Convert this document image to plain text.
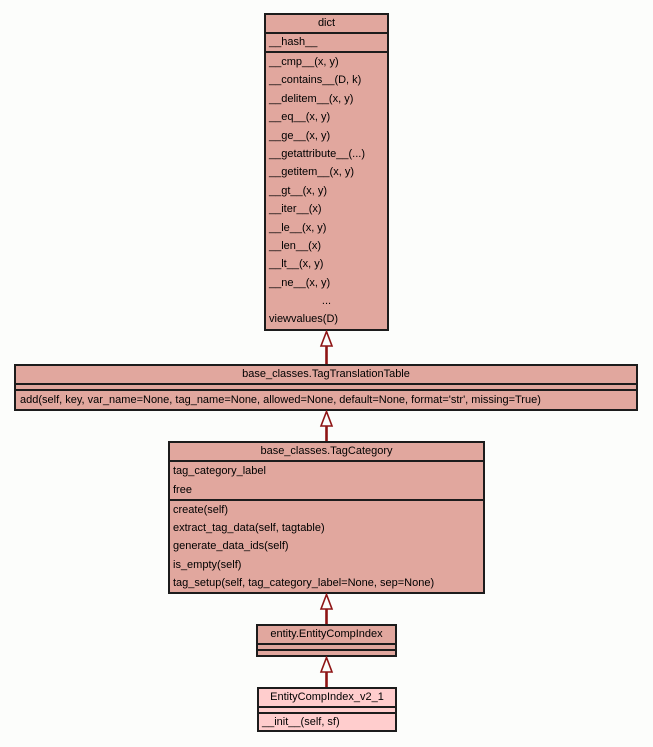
dict
__hash__
__cmp__(x, y)
__contains__(D, k)
__delitem__(x, y)
__eq__(x, y)
__ge__(x, y)
__getattribute__(...)
__getitem__(x, y)
__gt__(x, y)
__iter__(x)
__le__(x, y)
__len__(x)
__lt__(x, y)
__ne__(x, y)
...
viewvalues(D)
base_classes.TagTranslationTable
add(self, key, var_name=None, tag_name=None, allowed=None, default=None, format='str', missing=True)
base_classes.TagCategory
tag_category_label
free
create(self)
extract_tag_data(self, tagtable)
generate_data_ids(self)
is_empty(self)
tag_setup(self, tag_category_label=None, sep=None)
entity.EntityCompIndex
EntityCompIndex_v2_1
__init__(self, sf)
